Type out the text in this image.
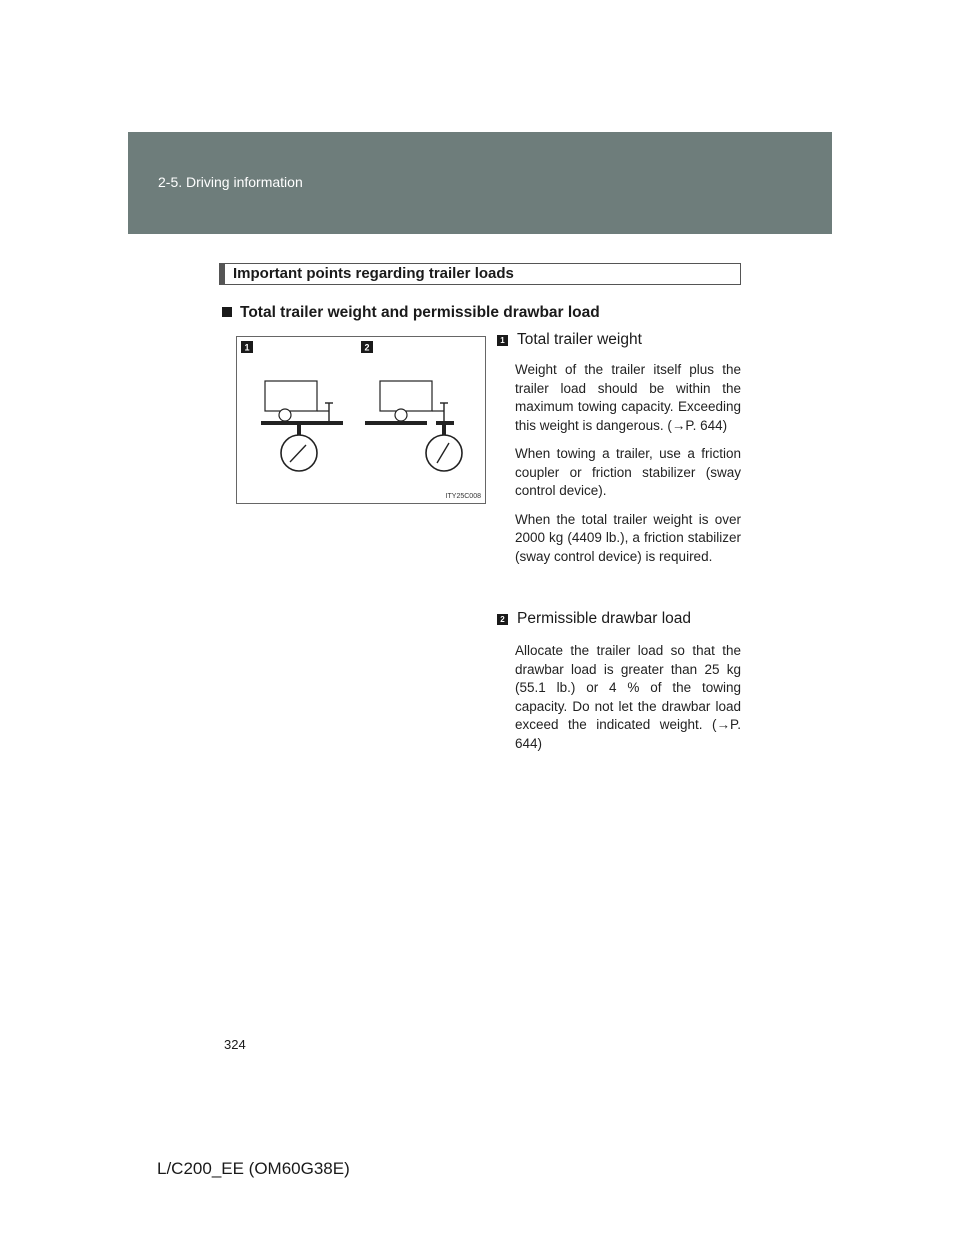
2-5. Driving information
Important points regarding trailer loads
Total trailer weight and permissible drawbar load
1	2
ITY25C008
1 Total trailer weight

Weight of the trailer itself plus the trailer load should be within the maximum towing capacity. Exceeding this weight is dangerous. (→P. 644)

When towing a trailer, use a friction coupler or friction stabilizer (sway control device).

When the total trailer weight is over 2000 kg (4409 lb.), a friction stabilizer (sway control device) is required.

2 Permissible drawbar load

Allocate the trailer load so that the drawbar load is greater than 25 kg (55.1 lb.) or 4 % of the towing capacity. Do not let the drawbar load exceed the indicated weight. (→P. 644)

324
L/C200_EE (OM60G38E)
